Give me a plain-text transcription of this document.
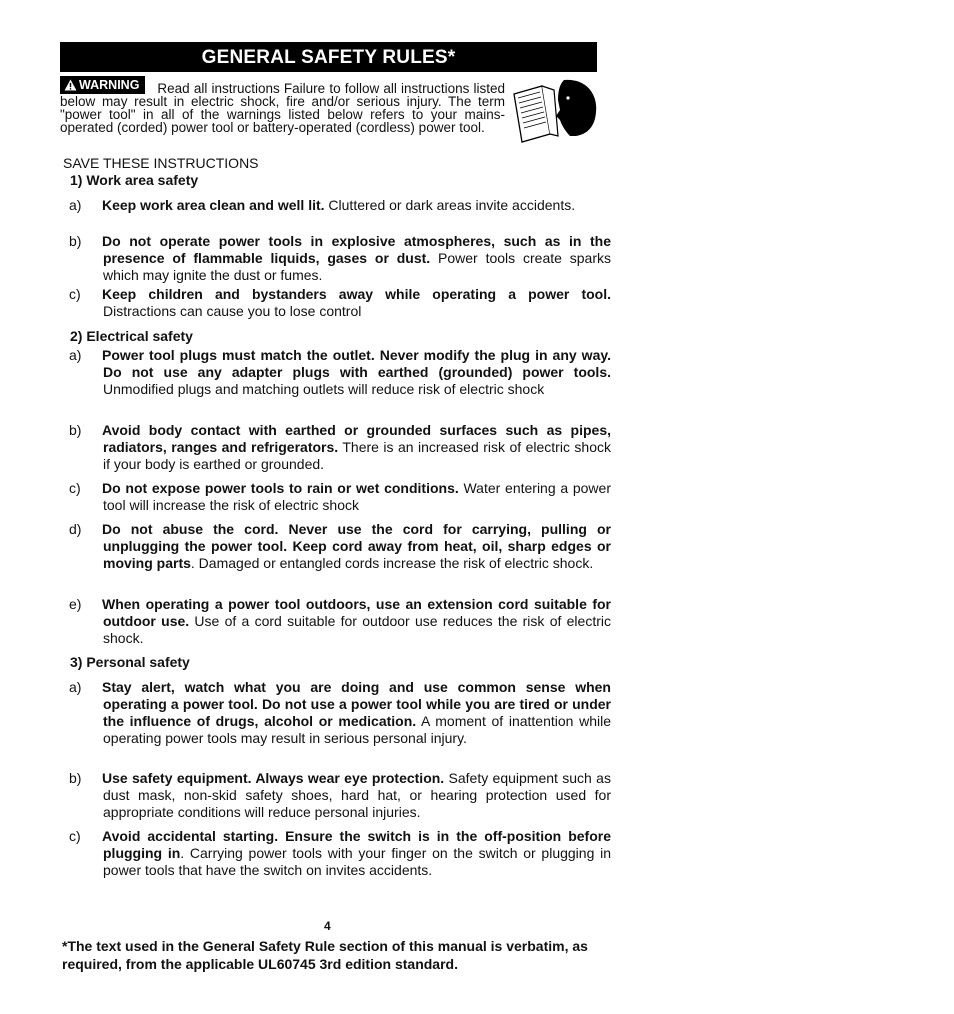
GENERAL SAFETY RULES*
WARNING	Read all instructions Failure to follow all instructions listed below may result in electric shock, fire and/or serious injury. The term "power tool" in all of the warnings listed below refers to your mains-operated (corded) power tool or battery-operated (cordless) power tool.
SAVE THESE INSTRUCTIONS
1) Work area safety
a) Keep work area clean and well lit. Cluttered or dark areas invite accidents.
b) Do not operate power tools in explosive atmospheres, such as in the presence of flammable liquids, gases or dust. Power tools create sparks which may ignite the dust or fumes.
c) Keep children and bystanders away while operating a power tool. Distractions can cause you to lose control
2) Electrical safety
a) Power tool plugs must match the outlet. Never modify the plug in any way. Do not use any adapter plugs with earthed (grounded) power tools. Unmodified plugs and matching outlets will reduce risk of electric shock
b) Avoid body contact with earthed or grounded surfaces such as pipes, radiators, ranges and refrigerators. There is an increased risk of electric shock if your body is earthed or grounded.
c) Do not expose power tools to rain or wet conditions. Water entering a power tool will increase the risk of electric shock
d) Do not abuse the cord. Never use the cord for carrying, pulling or unplugging the power tool. Keep cord away from heat, oil, sharp edges or moving parts. Damaged or entangled cords increase the risk of electric shock.
e) When operating a power tool outdoors, use an extension cord suitable for outdoor use. Use of a cord suitable for outdoor use reduces the risk of electric shock.
3) Personal safety
a) Stay alert, watch what you are doing and use common sense when operating a power tool. Do not use a power tool while you are tired or under the influence of drugs, alcohol or medication. A moment of inattention while operating power tools may result in serious personal injury.
b) Use safety equipment. Always wear eye protection. Safety equipment such as dust mask, non-skid safety shoes, hard hat, or hearing protection used for appropriate conditions will reduce personal injuries.
c) Avoid accidental starting. Ensure the switch is in the off-position before plugging in. Carrying power tools with your finger on the switch or plugging in power tools that have the switch on invites accidents.
4
*The text used in the General Safety Rule section of this manual is verbatim, as required, from the applicable UL60745 3rd edition standard.
